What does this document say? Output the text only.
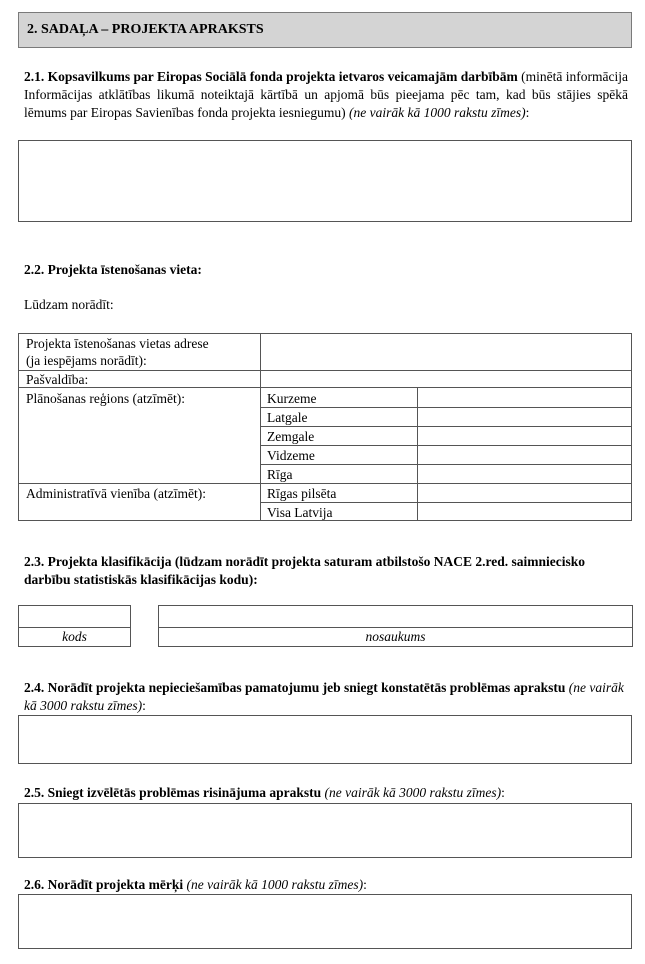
2. SADAĻA – PROJEKTA APRAKSTS
2.1. Kopsavilkums par Eiropas Sociālā fonda projekta ietvaros veicamajām darbībām (minētā informācija Informācijas atklātības likumā noteiktajā kārtībā un apjomā būs pieejama pēc tam, kad būs stājies spēkā lēmums par Eiropas Savienības fonda projekta iesniegumu) (ne vairāk kā 1000 rakstu zīmes):
2.2. Projekta īstenošanas vieta:
Lūdzam norādīt:
Projekta īstenošanas vietas adrese
(ja iespējams norādīt):
Pašvaldība:
Plānošanas reģions (atzīmēt):
Administratīvā vienība (atzīmēt):
Kurzeme
Latgale
Zemgale
Vidzeme
Rīga
Rīgas pilsēta
Visa Latvija
2.3. Projekta klasifikācija (lūdzam norādīt projekta saturam atbilstošo NACE 2.red. saimniecisko darbību statistiskās klasifikācijas kodu):
kods	nosaukums
2.4. Norādīt projekta nepieciešamības pamatojumu jeb sniegt konstatētās problēmas aprakstu (ne vairāk kā 3000 rakstu zīmes):
2.5. Sniegt izvēlētās problēmas risinājuma aprakstu (ne vairāk kā 3000 rakstu zīmes):
2.6. Norādīt projekta mērķi (ne vairāk kā 1000 rakstu zīmes):
